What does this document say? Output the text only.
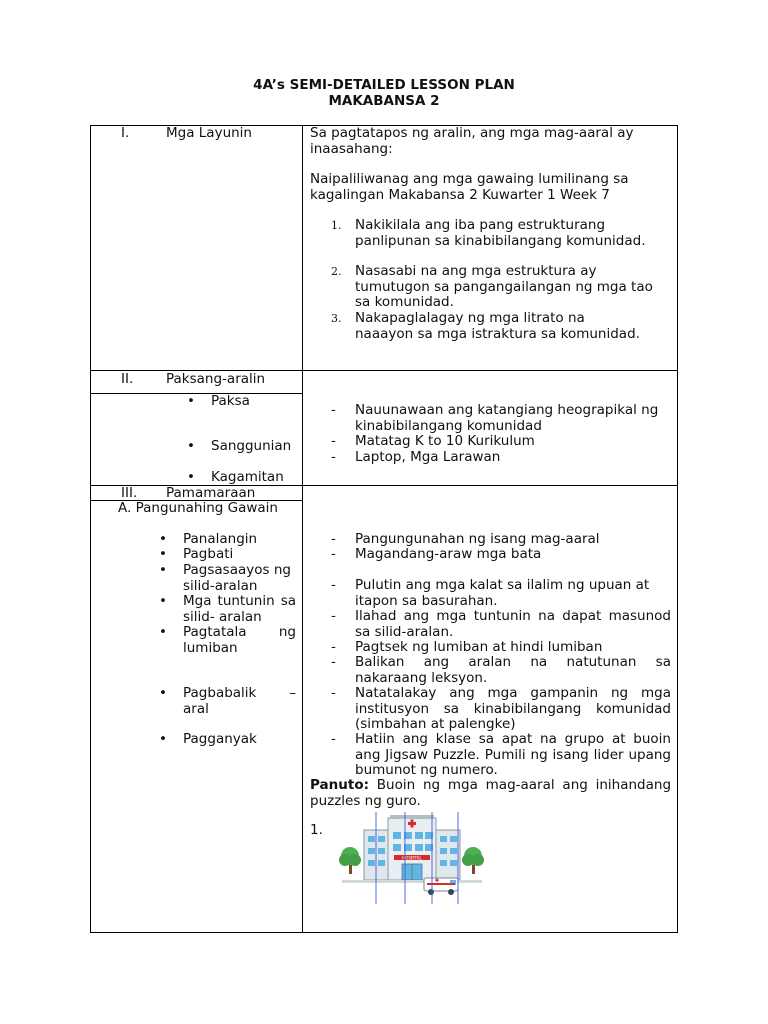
4A’s SEMI-DETAILED LESSON PLAN
MAKABANSA 2
I.	Mga Layunin	Sa pagtatapos ng aralin, ang mga mag-aaral ay inaasahang:
Naipaliliwanag ang mga gawaing lumilinang sa kagalingan Makabansa 2 Kuwarter 1 Week 7
1. Nakikilala ang iba pang estrukturang panlipunan sa kinabibilangang komunidad.
2. Nasasabi na ang mga estruktura ay tumutugon sa pangangailangan ng mga tao sa komunidad.
3. Nakapaglalagay ng mga litrato na naaayon sa mga istraktura sa komunidad.
II. Paksang-aralin
• Paksa
• Sanggunian
• Kagamitan
- Nauunawaan ang katangiang heograpikal ng kinabibilangang komunidad
- Matatag K to 10 Kurikulum
- Laptop, Mga Larawan
III. Pamamaraan
A. Pangunahing Gawain
• Panalangin
• Pagbati
• Pagsasaayos ng silid-aralan
• Mga tuntunin sa silid- aralan
• Pagtatala ng lumiban
• Pagbabalik – aral
• Pagganyak
- Pangungunahan ng isang mag-aaral
- Magandang-araw mga bata
- Pulutin ang mga kalat sa ilalim ng upuan at itapon sa basurahan.
- Ilahad ang mga tuntunin na dapat masunod sa silid-aralan.
- Pagtsek ng lumiban at hindi lumiban
- Balikan ang aralan na natutunan sa nakaraang leksyon.
- Natatalakay ang mga gampanin ng mga institusyon sa kinabibilangang komunidad (simbahan at palengke)
- Hatiin ang klase sa apat na grupo at buoin ang Jigsaw Puzzle. Pumili ng isang lider upang bumunot ng numero.
Panuto: Buoin ng mga mag-aaral ang inihandang puzzles ng guro.
1.
HOSPITAL
